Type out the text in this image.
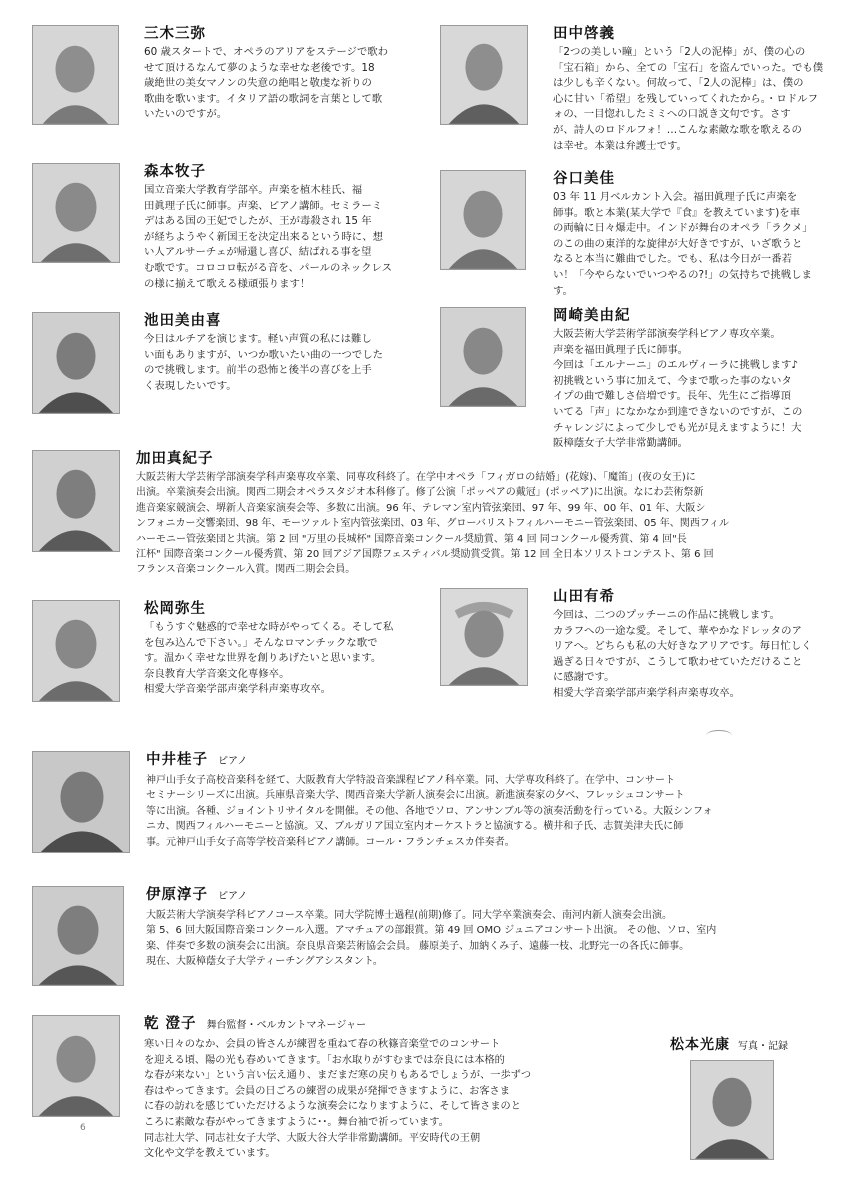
三木三弥
60 歳スタートで、オペラのアリアをステージで歌わ
せて頂けるなんて夢のような幸せな老後です。18
歳絶世の美女マノンの失意の絶唱と敬虔な祈りの
歌曲を歌います。イタリア語の歌詞を言葉として歌
いたいのですが。
田中啓義
「2つの美しい瞳」という「2人の泥棒」が、僕の心の
「宝石箱」から、全ての「宝石」を盗んでいった。でも僕
は少しも辛くない。何故って、「2人の泥棒」は、僕の
心に甘い「希望」を残していってくれたから。・ロドルフ
ォの、一目惚れしたミミへの口説き文句です。さす
が、詩人のロドルフォ！…こんな素敵な歌を歌えるの
は幸せ。本業は弁護士です。
森本牧子
国立音楽大学教育学部卒。声楽を植木桂氏、福
田眞理子氏に師事。声楽、ピアノ講師。セミラーミ
デはある国の王妃でしたが、王が毒殺され 15 年
が経ちようやく新国王を決定出来るという時に、想
い人アルサーチェが帰還し喜び、結ばれる事を望
む歌です。コロコロ転がる音を、パールのネックレス
の様に揃えて歌える様頑張ります！
谷口美佳
03 年 11 月ベルカント入会。福田眞理子氏に声楽を
師事。歌と本業(某大学で『食』を教えています)を車
の両輪に日々爆走中。インドが舞台のオペラ「ラクメ」
のこの曲の東洋的な旋律が大好きですが、いざ歌うと
なると本当に難曲でした。でも、私は今日が一番若
い！「今やらないでいつやるの?!」の気持ちで挑戦しま
す。
池田美由喜
今日はルチアを演じます。軽い声質の私には難し
い面もありますが、いつか歌いたい曲の一つでした
ので挑戦します。前半の恐怖と後半の喜びを上手
く表現したいです。
岡崎美由紀
大阪芸術大学芸術学部演奏学科ピアノ専攻卒業。
声楽を福田眞理子氏に師事。
今回は「エルナーニ」のエルヴィーラに挑戦します♪
初挑戦という事に加えて、今まで歌った事のないタ
イプの曲で難しさ倍増です。長年、先生にご指導頂
いてる「声」になかなか到達できないのですが、この
チャレンジによって少しでも光が見えますように！大
阪樟蔭女子大学非常勤講師。
加田真紀子
大阪芸術大学芸術学部演奏学科声楽専攻卒業、同専攻科終了。在学中オペラ「フィガロの結婚」(花嫁)、「魔笛」(夜の女王)に
出演。卒業演奏会出演。関西二期会オペラスタジオ本科修了。修了公演「ポッペアの戴冠」(ポッペア)に出演。なにわ芸術祭新
進音楽家競演会、堺新人音楽家演奏会等、多数に出演。96 年、テレマン室内管弦楽団、97 年、99 年、00 年、01 年、大阪シ
ンフォニカー交響楽団、98 年、モーツァルト室内管弦楽団、03 年、グローバリストフィルハーモニー管弦楽団、05 年、関西フィル
ハーモニー管弦楽団と共演。第 2 回 "万里の長城杯" 国際音楽コンクール奨励賞、第 4 回 同コンクール優秀賞、第 4 回"長
江杯" 国際音楽コンクール優秀賞、第 20 回アジア国際フェスティバル奨励賞受賞。第 12 回 全日本ソリストコンテスト、第 6 回
フランス音楽コンクール入賞。関西二期会会員。
松岡弥生
「もうすぐ魅惑的で幸せな時がやってくる。そして私
を包み込んで下さい。」そんなロマンチックな歌で
す。温かく幸せな世界を創りあげたいと思います。
奈良教育大学音楽文化専修卒。
相愛大学音楽学部声楽学科声楽専攻卒。
山田有希
今回は、二つのプッチーニの作品に挑戦します。
カラフへの一途な愛。そして、華やかなドレッタのア
リアへ。どちらも私の大好きなアリアです。毎日忙しく
過ぎる日々ですが、こうして歌わせていただけること
に感謝です。
相愛大学音楽学部声楽学科声楽専攻卒。
中井桂子 ピアノ
神戸山手女子高校音楽科を経て、大阪教育大学特設音楽課程ピアノ科卒業。同、大学専攻科終了。在学中、コンサート
セミナーシリーズに出演。兵庫県音楽大学、関西音楽大学新人演奏会に出演。新進演奏家の夕べ、フレッシュコンサート
等に出演。各種、ジョイントリサイタルを開催。その他、各地でソロ、アンサンブル等の演奏活動を行っている。大阪シンフォ
ニカ、関西フィルハーモニーと協演。又、ブルガリア国立室内オーケストラと協演する。横井和子氏、志賀美津夫氏に師
事。元神戸山手女子高等学校音楽科ピアノ講師。コール・フランチェスカ伴奏者。
伊原淳子 ピアノ
大阪芸術大学演奏学科ピアノコース卒業。同大学院博士過程(前期)修了。同大学卒業演奏会、南河内新人演奏会出演。
第 5、6 回大阪国際音楽コンクール入選。アマチュアの部銀賞。第 49 回 OMO ジュニアコンサート出演。 その他、ソロ、室内
楽、伴奏で多数の演奏会に出演。奈良県音楽芸術協会会員。 藤原美子、加納くみ子、遠藤一枝、北野完一の各氏に師事。
現在、大阪樟蔭女子大学ティーチングアシスタント。
乾 澄子 舞台監督・ベルカントマネージャー
寒い日々のなか、会員の皆さんが練習を重ねて春の秋篠音楽堂でのコンサート
を迎える頃、陽の光も春めいてきます。「お水取りがすむまでは奈良には本格的
な春が来ない」という言い伝え通り、まだまだ寒の戻りもあるでしょうが、一歩ずつ
春はやってきます。会員の日ごろの練習の成果が発揮できますように、お客さま
に春の訪れを感じていただけるような演奏会になりますように、そして皆さまのと
ころに素敵な春がやってきますように･･。舞台袖で祈っています。
同志社大学、同志社女子大学、大阪大谷大学非常勤講師。平安時代の王朝
文化や文学を教えています。
松本光康 写真・記録
6
